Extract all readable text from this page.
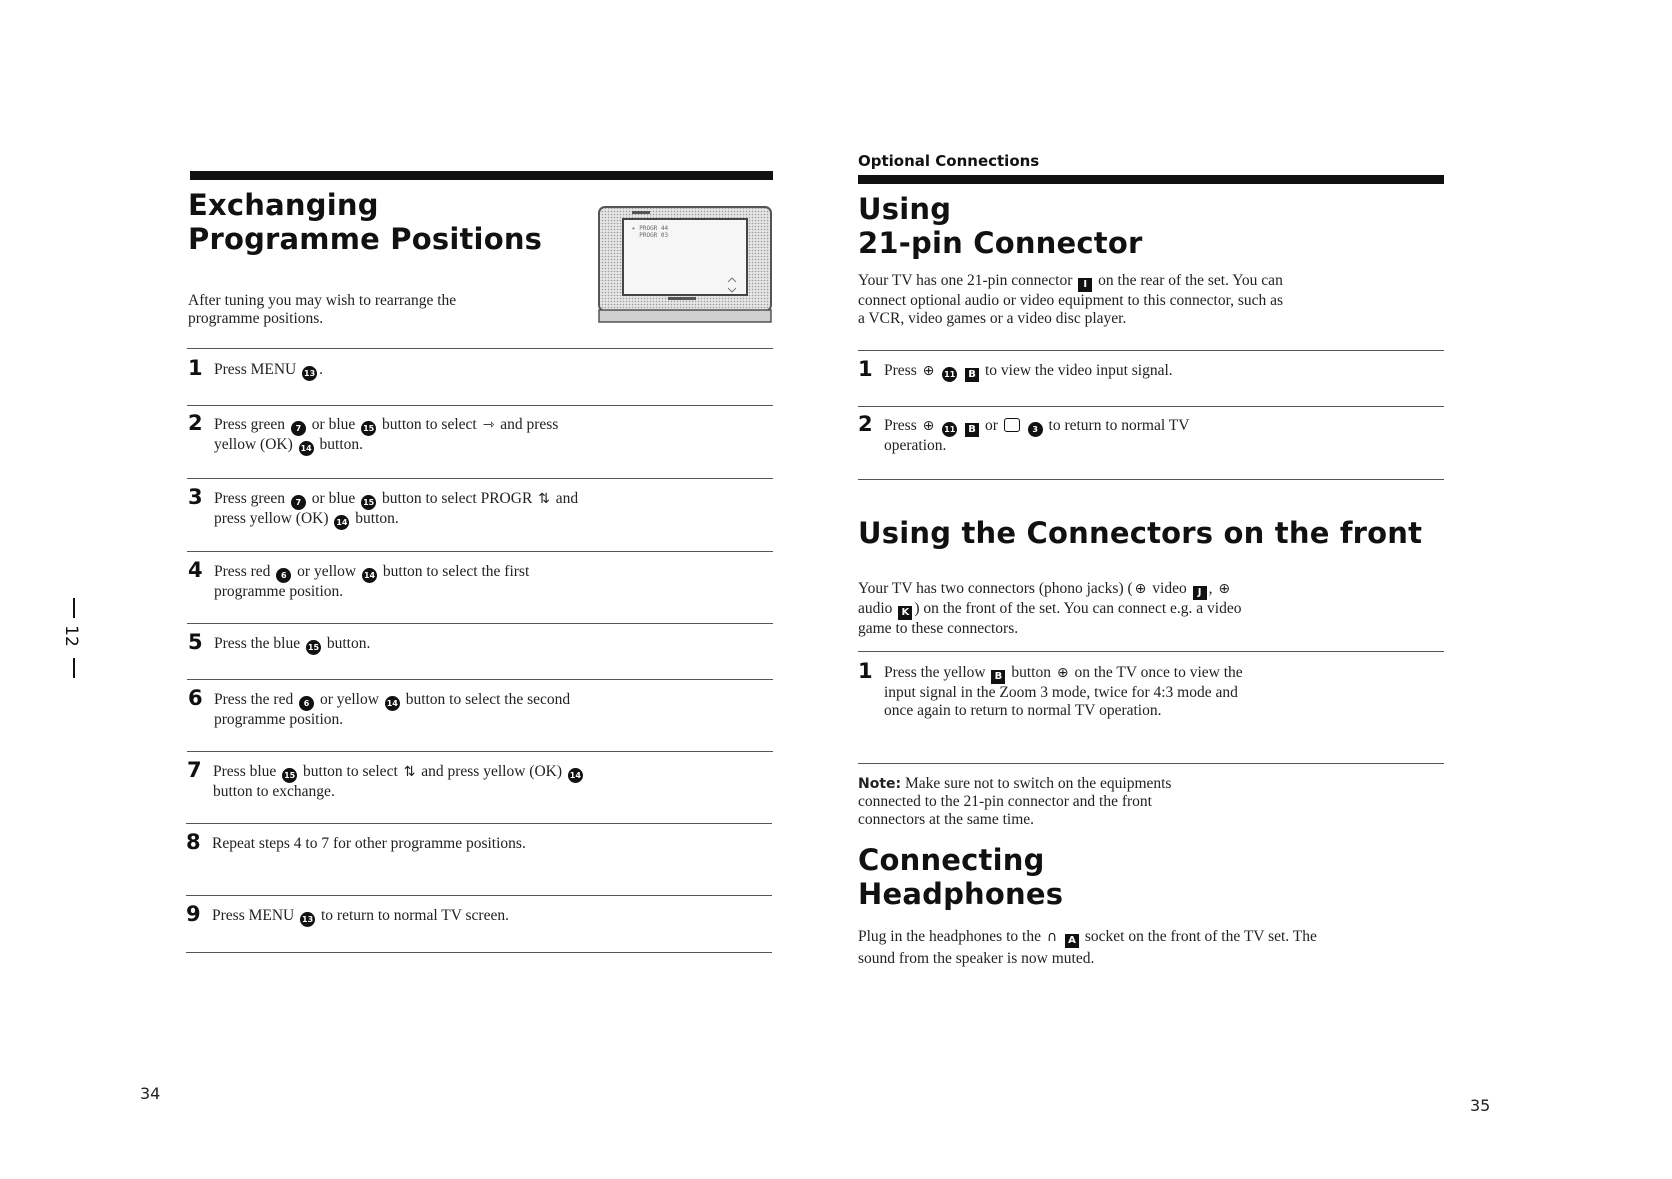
Exchanging
Programme Positions	▸ PROGR 44
PROGR 03
After tuning you may wish to rearrange the programme positions.
1 Press MENU 13 .
2 Press green 7 or blue 15 button to select ⇾ and press yellow (OK) 14 button.
3 Press green 7 or blue 15 button to select PROGR ⇅ and press yellow (OK) 14 button.
4 Press red 6 or yellow 14 button to select the first programme position.
5 Press the blue 15 button.
6 Press the red 6 or yellow 14 button to select the second programme position.
7 Press blue 15 button to select ⇅ and press yellow (OK) 14 button to exchange.
8 Repeat steps 4 to 7 for other programme positions.
9 Press MENU 13 to return to normal TV screen.
12
34
Optional Connections
Using
21-pin Connector
Your TV has one 21-pin connector I on the rear of the set. You can connect optional audio or video equipment to this connector, such as a VCR, video games or a video disc player.
1 Press ⊕ 11 B to view the video input signal.
2 Press ⊕ 11 B or	3 to return to normal TV operation.
Using the Connectors on the front
Your TV has two connectors (phono jacks) ( ⊕ video J , ⊕ audio K ) on the front of the set. You can connect e.g. a video game to these connectors.
1 Press the yellow B button ⊕ on the TV once to view the input signal in the Zoom 3 mode, twice for 4:3 mode and once again to return to normal TV operation.
Note: Make sure not to switch on the equipments connected to the 21-pin connector and the front connectors at the same time.
Connecting
Headphones
Plug in the headphones to the ∩ A socket on the front of the TV set. The sound from the speaker is now muted.
35
